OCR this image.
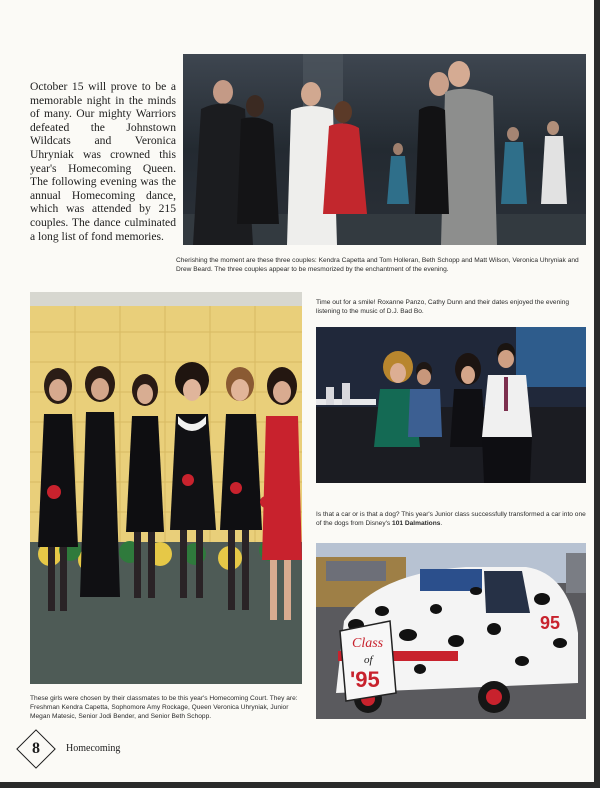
October 15 will prove to be a memorable night in the minds of many. Our mighty Warriors defeated the Johnstown Wildcats and Veronica Uhryniak was crowned this year's Homecoming Queen. The following evening was the annual Homecoming dance, which was attended by 215 couples. The dance culminated a long list of fond memories.

Cherishing the moment are these three couples: Kendra Capetta and Tom Holleran, Beth Schopp and Matt Wilson, Veronica Uhryniak and Drew Beard. The three couples appear to be mesmorized by the enchantment of the evening.

These girls were chosen by their classmates to be this year's Homecoming Court. They are: Freshman Kendra Capetta, Sophomore Amy Rockage, Queen Veronica Uhryniak, Junior Megan Matesic, Senior Jodi Bender, and Senior Beth Schopp.

Time out for a smile! Roxanne Panzo, Cathy Dunn and their dates enjoyed the evening listening to the music of D.J. Bad Bo.

Is that a car or is that a dog? This year's Junior class successfully transformed a car into one of the dogs from Disney's 101 Dalmations.

Class
of
'95
95
8	Homecoming
